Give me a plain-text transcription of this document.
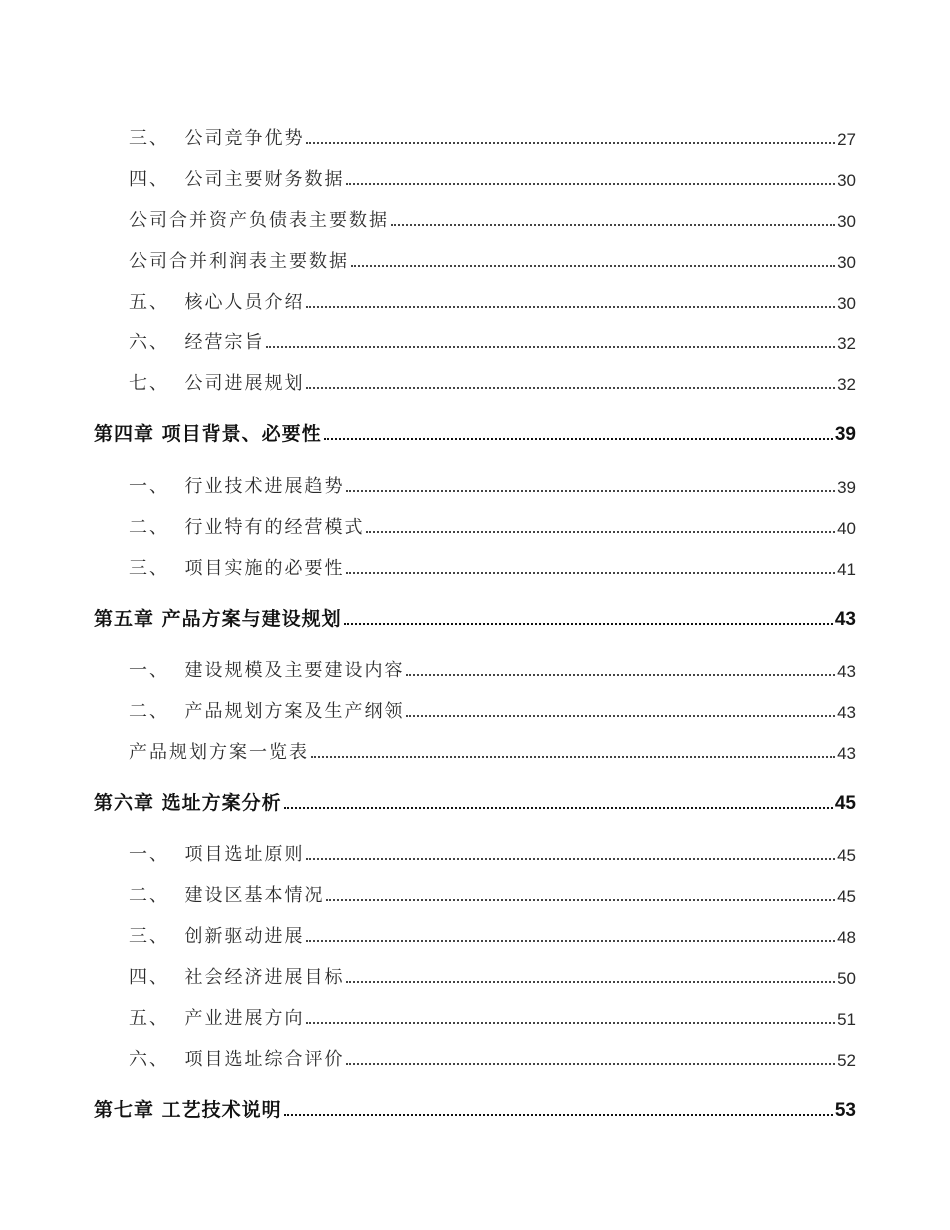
三、 公司竞争优势	27
四、 公司主要财务数据	30
公司合并资产负债表主要数据	30
公司合并利润表主要数据	30
五、 核心人员介绍	30
六、 经营宗旨	32
七、 公司进展规划	32
第四章 项目背景、必要性	39
一、 行业技术进展趋势	39
二、 行业特有的经营模式	40
三、 项目实施的必要性	41
第五章 产品方案与建设规划	43
一、 建设规模及主要建设内容	43
二、 产品规划方案及生产纲领	43
产品规划方案一览表	43
第六章 选址方案分析	45
一、 项目选址原则	45
二、 建设区基本情况	45
三、 创新驱动进展	48
四、 社会经济进展目标	50
五、 产业进展方向	51
六、 项目选址综合评价	52
第七章 工艺技术说明	53
